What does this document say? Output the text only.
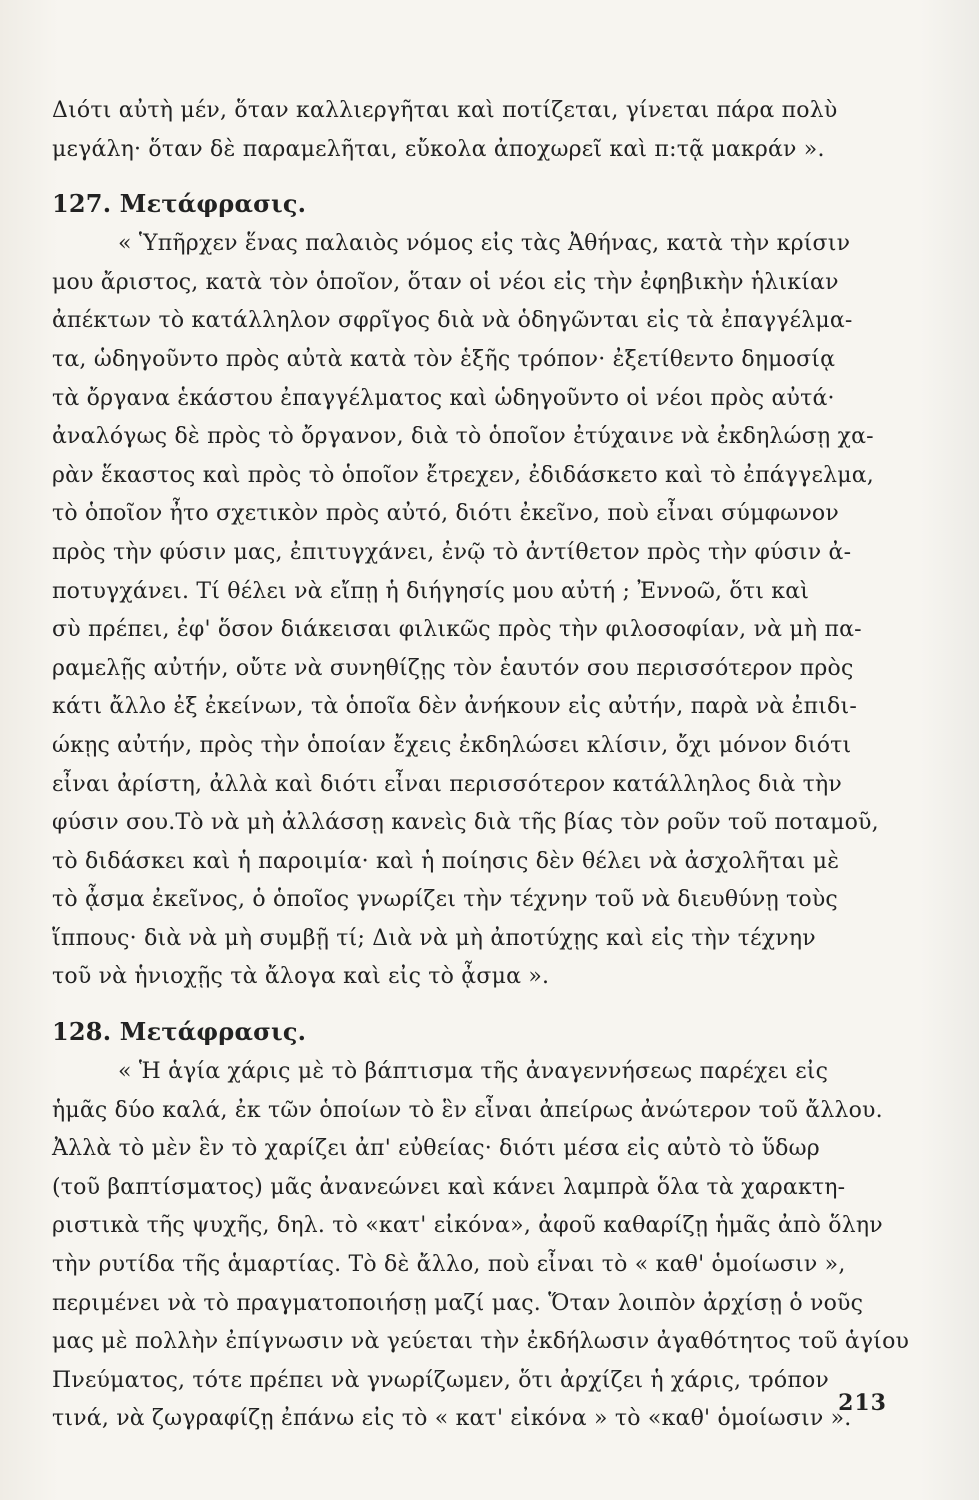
Διότι αὐτὴ μέν, ὅταν καλλιεργῆται καὶ ποτίζεται, γίνεται πάρα πολὺ
μεγάλη· ὅταν δὲ παραμελῆται, εὔκολα ἀποχωρεῖ καὶ π:τᾷ μακράν ».
127. Μετάφρασις.
« Ὑπῆρχεν ἕνας παλαιὸς νόμος εἰς τὰς Ἀθήνας, κατὰ τὴν κρίσιν
μου ἄριστος, κατὰ τὸν ὁποῖον, ὅταν οἱ νέοι εἰς τὴν ἐφηβικὴν ἡλικίαν
ἀπέκτων τὸ κατάλληλον σφρῖγος διὰ νὰ ὁδηγῶνται εἰς τὰ ἐπαγγέλμα-
τα, ὡδηγοῦντο πρὸς αὐτὰ κατὰ τὸν ἑξῆς τρόπον· ἐξετίθεντο δημοσίᾳ
τὰ ὄργανα ἑκάστου ἐπαγγέλματος καὶ ὡδηγοῦντο οἱ νέοι πρὸς αὐτά·
ἀναλόγως δὲ πρὸς τὸ ὄργανον, διὰ τὸ ὁποῖον ἐτύχαινε νὰ ἐκδηλώσῃ χα-
ρὰν ἕκαστος καὶ πρὸς τὸ ὁποῖον ἔτρεχεν, ἐδιδάσκετο καὶ τὸ ἐπάγγελμα,
τὸ ὁποῖον ἦτο σχετικὸν πρὸς αὐτό, διότι ἐκεῖνο, ποὺ εἶναι σύμφωνον
πρὸς τὴν φύσιν μας, ἐπιτυγχάνει, ἐνῷ τὸ ἀντίθετον πρὸς τὴν φύσιν ἀ-
ποτυγχάνει. Τί θέλει νὰ εἴπῃ ἡ διήγησίς μου αὐτή ; Ἐννοῶ, ὅτι καὶ
σὺ πρέπει, ἐφ' ὅσον διάκεισαι φιλικῶς πρὸς τὴν φιλοσοφίαν, νὰ μὴ πα-
ραμελῇς αὐτήν, οὔτε νὰ συνηθίζῃς τὸν ἑαυτόν σου περισσότερον πρὸς
κάτι ἄλλο ἐξ ἐκείνων, τὰ ὁποῖα δὲν ἀνήκουν εἰς αὐτήν, παρὰ νὰ ἐπιδι-
ώκῃς αὐτήν, πρὸς τὴν ὁποίαν ἔχεις ἐκδηλώσει κλίσιν, ὄχι μόνον διότι
εἶναι ἀρίστη, ἀλλὰ καὶ διότι εἶναι περισσότερον κατάλληλος διὰ τὴν
φύσιν σου.Τὸ νὰ μὴ ἀλλάσσῃ κανεὶς διὰ τῆς βίας τὸν ροῦν τοῦ ποταμοῦ,
τὸ διδάσκει καὶ ἡ παροιμία· καὶ ἡ ποίησις δὲν θέλει νὰ ἀσχολῆται μὲ
τὸ ᾆσμα ἐκεῖνος, ὁ ὁποῖος γνωρίζει τὴν τέχνην τοῦ νὰ διευθύνῃ τοὺς
ἵππους· διὰ νὰ μὴ συμβῇ τί; Διὰ νὰ μὴ ἀποτύχῃς καὶ εἰς τὴν τέχνην
τοῦ νὰ ἡνιοχῇς τὰ ἄλογα καὶ εἰς τὸ ᾆσμα ».
128. Μετάφρασις.
« Ἡ ἁγία χάρις μὲ τὸ βάπτισμα τῆς ἀναγεννήσεως παρέχει εἰς
ἡμᾶς δύο καλά, ἐκ τῶν ὁποίων τὸ ἓν εἶναι ἀπείρως ἀνώτερον τοῦ ἄλλου.
Ἀλλὰ τὸ μὲν ἓν τὸ χαρίζει ἀπ' εὐθείας· διότι μέσα εἰς αὐτὸ τὸ ὕδωρ
(τοῦ βαπτίσματος) μᾶς ἀνανεώνει καὶ κάνει λαμπρὰ ὅλα τὰ χαρακτη-
ριστικὰ τῆς ψυχῆς, δηλ. τὸ «κατ' εἰκόνα», ἀφοῦ καθαρίζῃ ἡμᾶς ἀπὸ ὅλην
τὴν ρυτίδα τῆς ἁμαρτίας. Τὸ δὲ ἄλλο, ποὺ εἶναι τὸ « καθ' ὁμοίωσιν »,
περιμένει νὰ τὸ πραγματοποιήσῃ μαζί μας. Ὅταν λοιπὸν ἀρχίσῃ ὁ νοῦς
μας μὲ πολλὴν ἐπίγνωσιν νὰ γεύεται τὴν ἐκδήλωσιν ἀγαθότητος τοῦ ἁγίου
Πνεύματος, τότε πρέπει νὰ γνωρίζωμεν, ὅτι ἀρχίζει ἡ χάρις, τρόπον
τινά, νὰ ζωγραφίζῃ ἐπάνω εἰς τὸ « κατ' εἰκόνα » τὸ «καθ' ὁμοίωσιν ».
213
